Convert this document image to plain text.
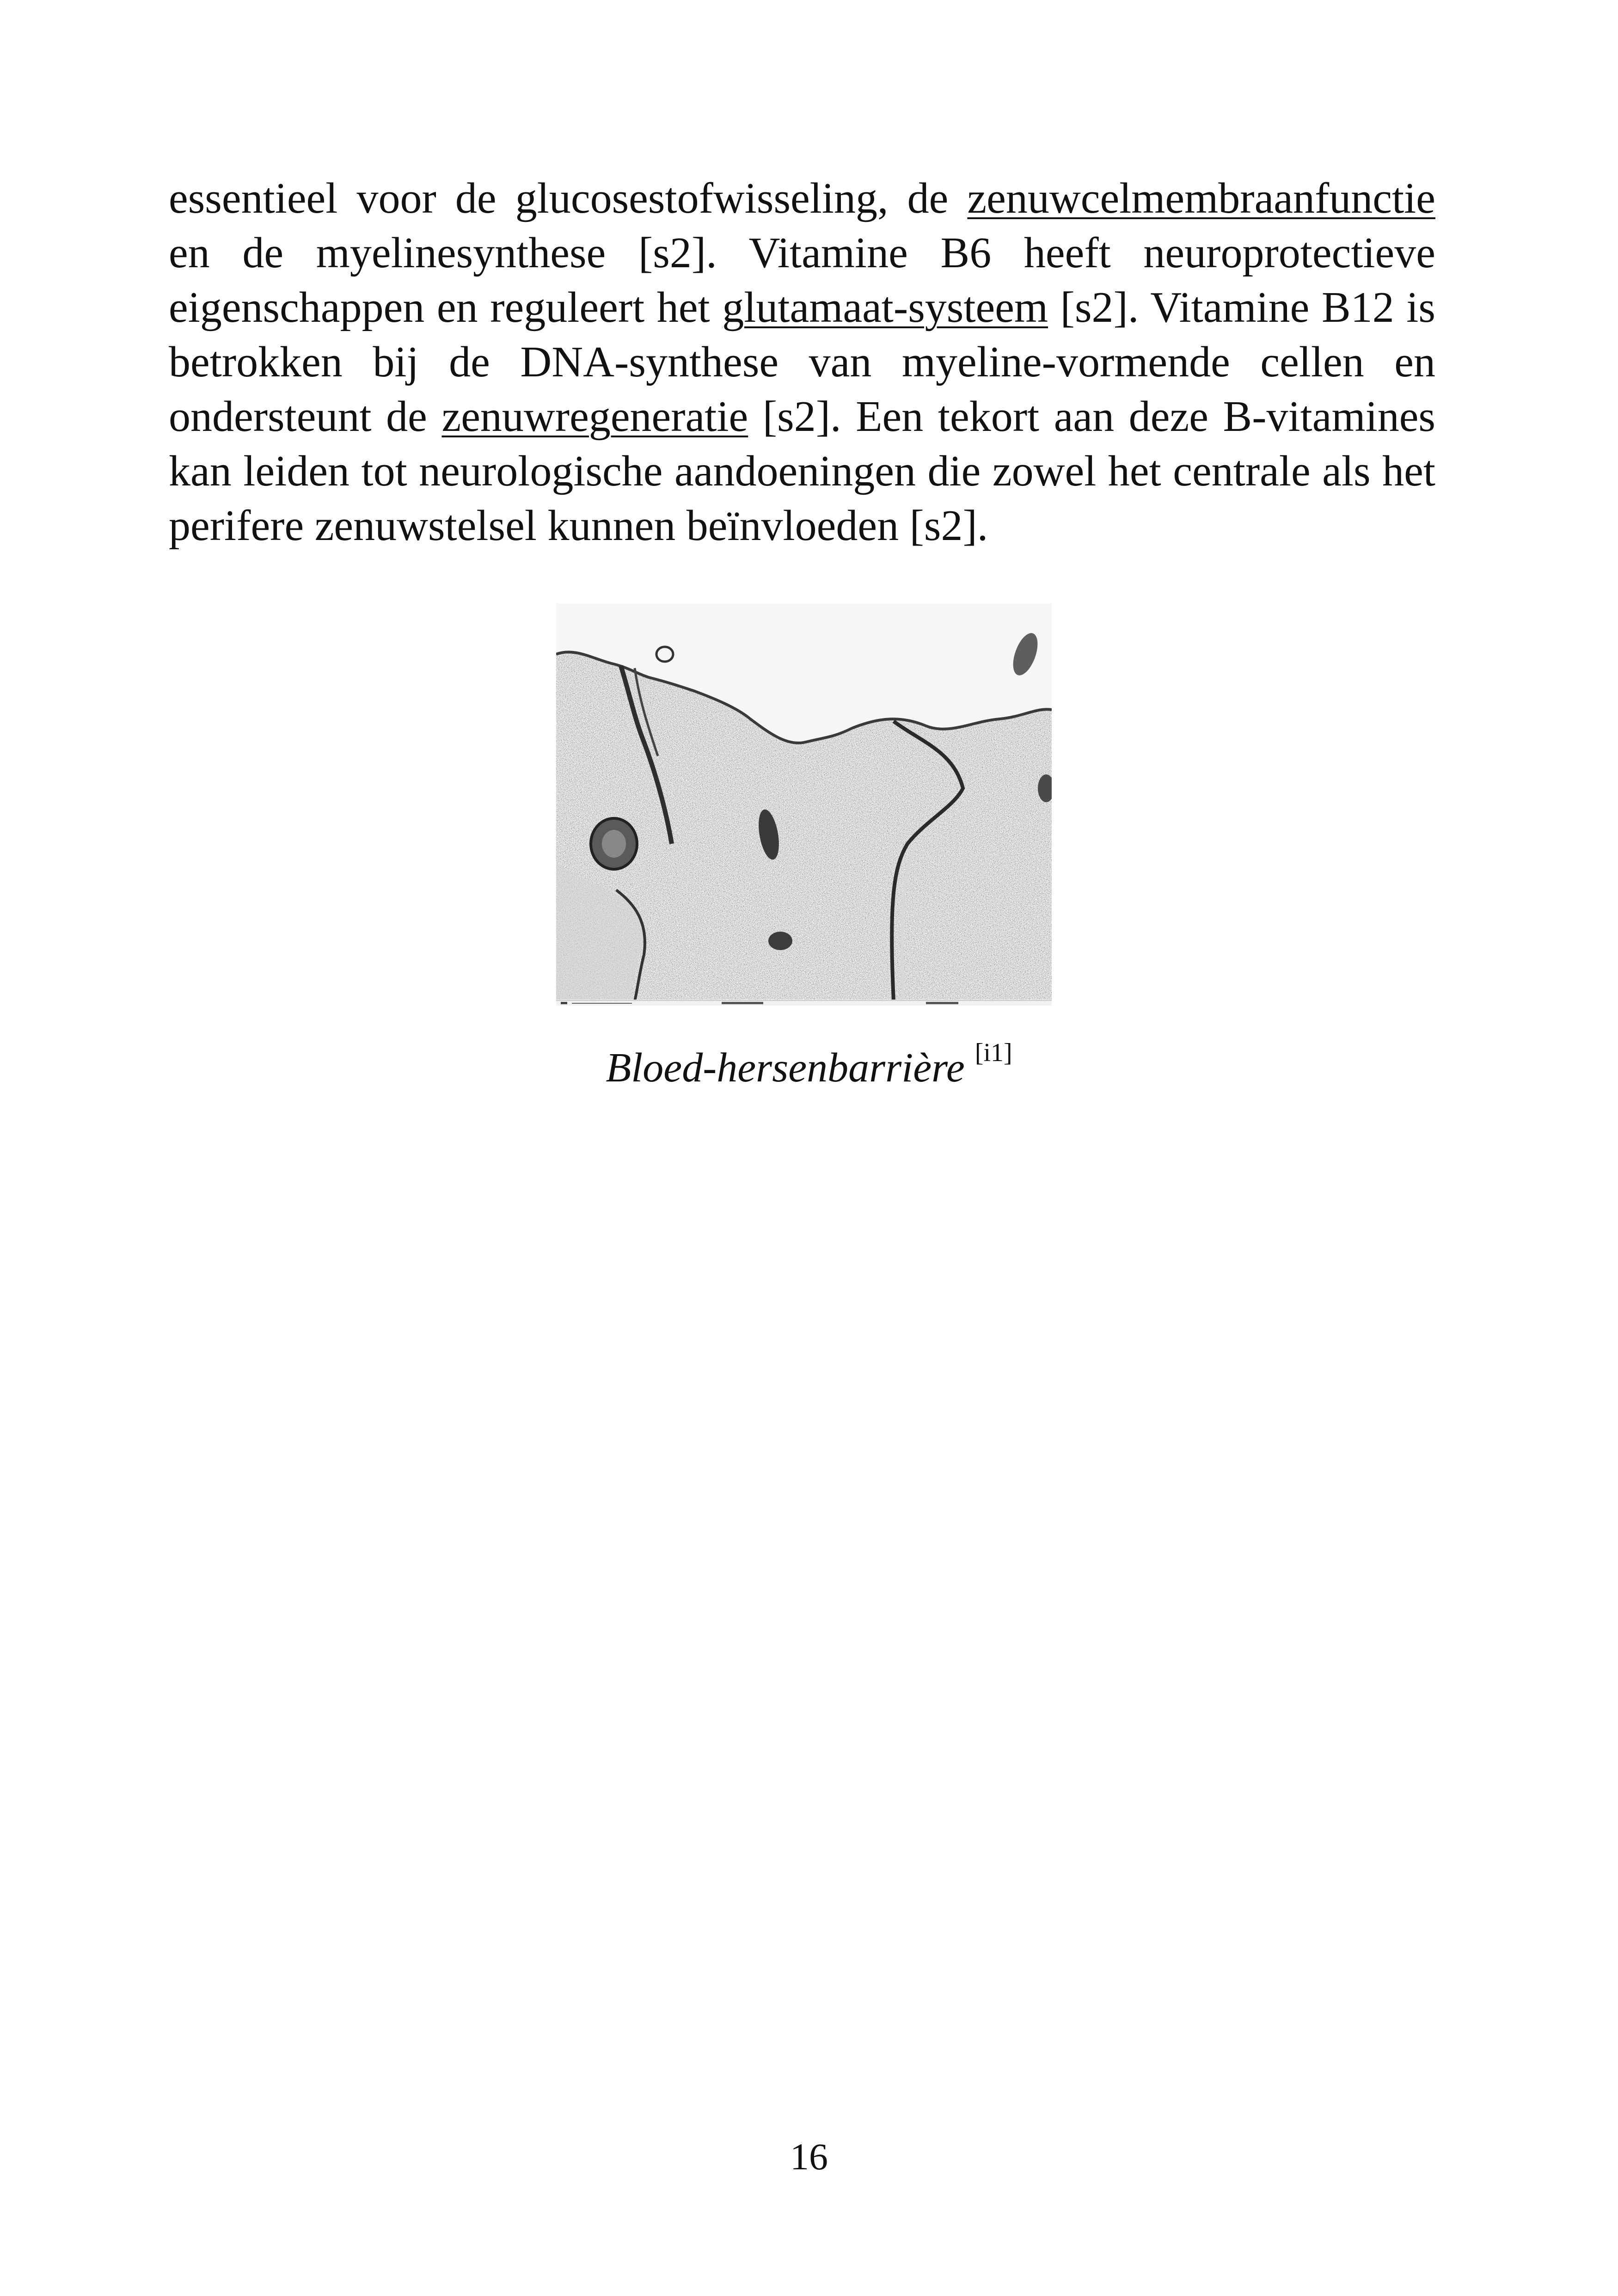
essentieel voor de glucosestofwisseling, de zenuwcelmembraanfunctie en de myelinesynthese [s2]. Vitamine B6 heeft neuroprotectieve eigenschappen en reguleert het glutamaat-systeem [s2]. Vitamine B12 is betrokken bij de DNA-synthese van myeline-vormende cellen en ondersteunt de zenuwregeneratie [s2]. Een tekort aan deze B-vitamines kan leiden tot neurologische aandoeningen die zowel het centrale als het perifere zenuwstelsel kunnen beïnvloeden [s2].

Bloed-hersenbarrière [i1]

16
